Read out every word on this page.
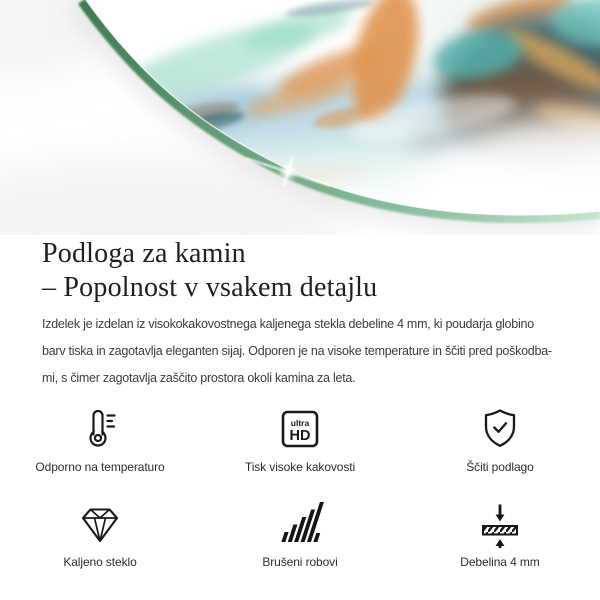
Podloga za kamin
– Popolnost v vsakem detajlu

Izdelek je izdelan iz visokokakovostnega kaljenega stekla debeline 4 mm, ki poudarja globino
barv tiska in zagotavlja eleganten sijaj. Odporen je na visoke temperature in ščiti pred poškodba-
mi, s čimer zagotavlja zaščito prostora okoli kamina za leta.

Odporno na temperaturo
ultra
HD
Tisk visoke kakovosti	Ščiti podlago
Kaljeno steklo	Brušeni robovi	Debelina 4 mm
